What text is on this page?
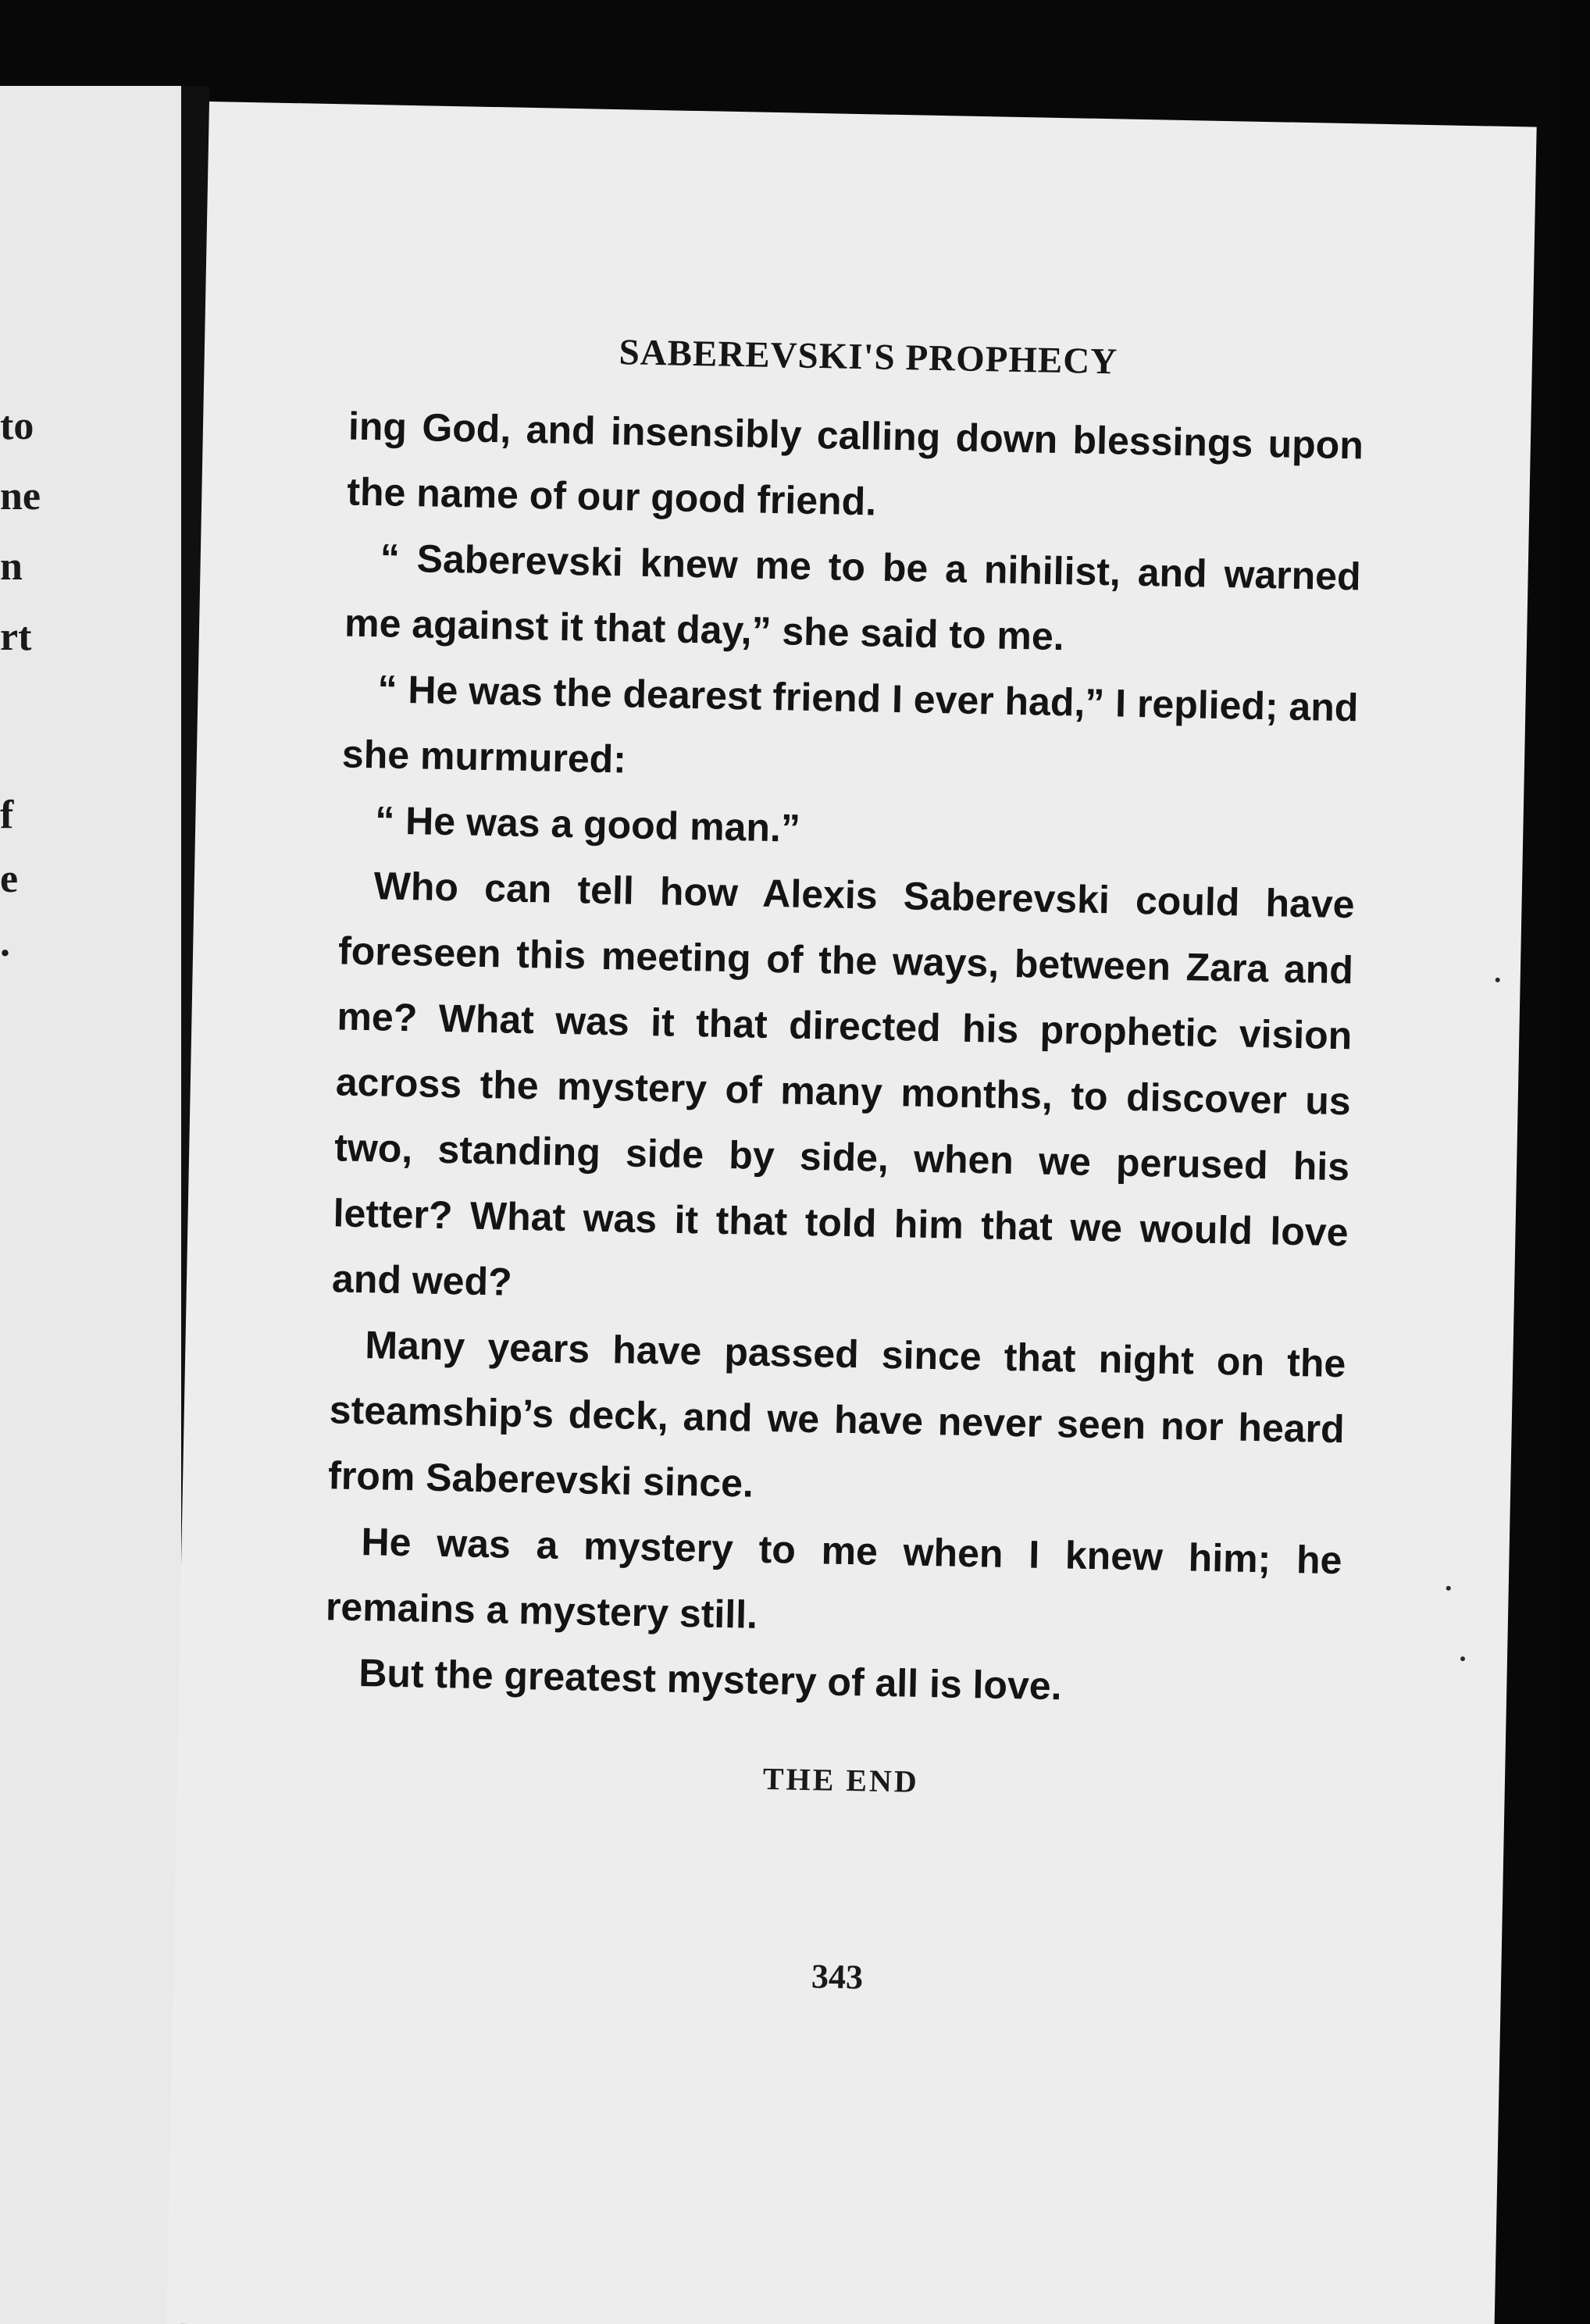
to
ne
n
rt
f
e
.
SABEREVSKI'S PROPHECY

ing God, and insensibly calling down blessings upon the name of our good friend.

“ Saberevski knew me to be a nihilist, and warned me against it that day,” she said to me.

“ He was the dearest friend I ever had,” I replied; and she murmured:

“ He was a good man.”

Who can tell how Alexis Saberevski could have foreseen this meeting of the ways, between Zara and me? What was it that directed his prophetic vision across the mystery of many months, to discover us two, standing side by side, when we perused his letter? What was it that told him that we would love and wed?

Many years have passed since that night on the steamship’s deck, and we have never seen nor heard from Saberevski since.

He was a mystery to me when I knew him; he remains a mystery still.

But the greatest mystery of all is love.

THE END
343
